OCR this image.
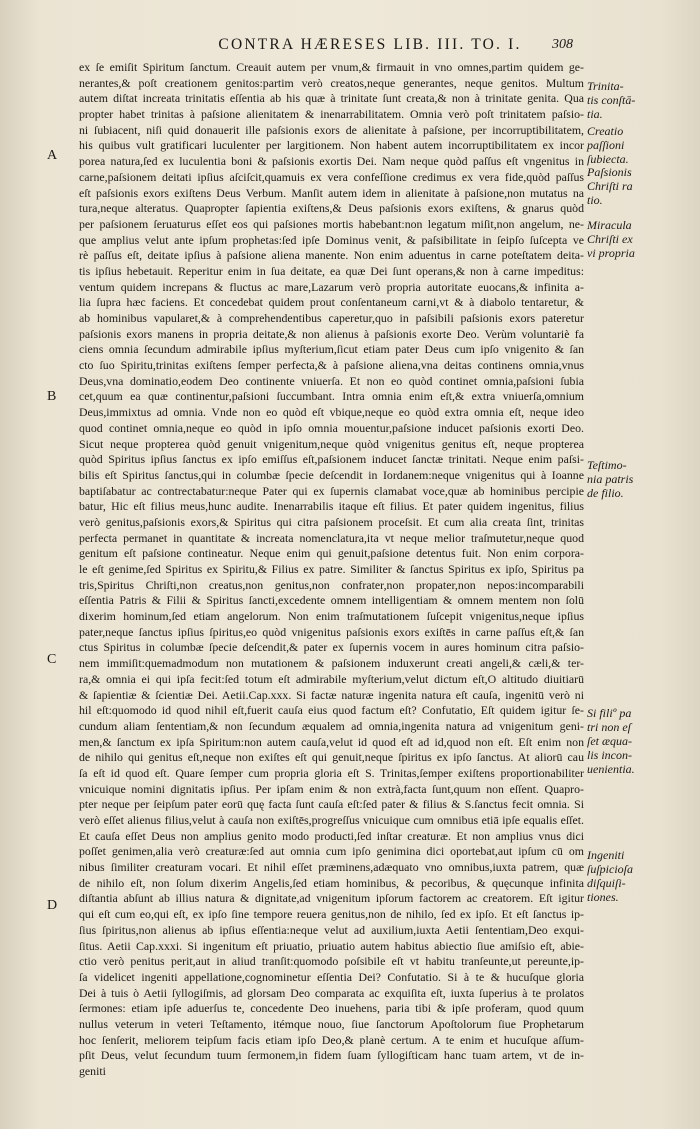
CONTRA HÆRESES LIB. III. TO. I.	308
A
B
C
D
Trinita-
tis conſtā-
tia.
Creatio
paſſioni
ſubiecta.
Paſsionis
Chriſti ra
tio.
Miracula
Chriſti ex
vi propria
Teſtimo-
nia patris
de filio.
Si filiº pa
tri non eſ
ſet æqua-
lis incon-
uenientia.
Ingeniti
ſuſpicioſa
diſquiſi-
tiones.
ex ſe emiſit Spiritum ſanctum. Creauit autem per vnum,& firmauit in vno omnes,partim quidem ge-
nerantes,& poſt creationem genitos:partim verò creatos,neque generantes, neque genitos. Multum
autem diſtat increata trinitatis eſſentia ab his quæ à trinitate ſunt creata,& non à trinitate genita. Qua
propter habet trinitas à paſsione alienitatem & inenarrabilitatem. Omnia verò poſt trinitatem paſsio-
ni ſubiacent, niſi quid donauerit ille paſsionis exors de alienitate à paſsione, per incorruptibilitatem,
his quibus vult gratificari luculenter per largitionem. Non habent autem incorruptibilitatem ex incor
porea natura,ſed ex luculentia boni & paſsionis exortis Dei. Nam neque quòd paſſus eſt vngenitus in
carne,paſsionem deitati ipſius aſciſcit,quamuis ex vera confeſſione credimus ex vera fide,quòd paſſus
eſt paſsionis exors exiſtens Deus Verbum. Manſit autem idem in alienitate à paſsione,non mutatus na
tura,neque alteratus. Quapropter ſapientia exiſtens,& Deus paſsionis exors exiſtens, & gnarus quòd
per paſsionem ſeruaturus eſſet eos qui paſsiones mortis habebant:non legatum miſit,non angelum, ne-
que amplius velut ante ipſum prophetas:ſed ipſe Dominus venit, & paſsibilitate in ſeipſo ſuſcepta ve
rè paſſus eſt, deitate ipſius à paſsione aliena manente. Non enim aduentus in carne poteſtatem deita-
tis ipſius hebetauit. Reperitur enim in ſua deitate, ea quæ Dei ſunt operans,& non à carne impeditus:
ventum quidem increpans & fluctus ac mare,Lazarum verò propria autoritate euocans,& infinita a-
lia ſupra hæc faciens. Et concedebat quidem prout conſentaneum carni,vt & à diabolo tentaretur, &
ab hominibus vapularet,& à comprehendentibus caperetur,quo in paſsibili paſsionis exors pateretur
paſsionis exors manens in propria deitate,& non alienus à paſsionis exorte Deo. Verùm voluntariè fa
ciens omnia ſecundum admirabile ipſius myſterium,ſicut etiam pater Deus cum ipſo vnigenito & ſan
cto ſuo Spiritu,trinitas exiſtens ſemper perfecta,& à paſsione aliena,vna deitas continens omnia,vnus
Deus,vna dominatio,eodem Deo continente vniuerſa. Et non eo quòd continet omnia,paſsioni ſubia
cet,quum ea quæ continentur,paſsioni ſuccumbant. Intra omnia enim eſt,& extra vniuerſa,omnium
Deus,immixtus ad omnia. Vnde non eo quòd eſt vbique,neque eo quòd extra omnia eſt, neque ideo
quod continet omnia,neque eo quòd in ipſo omnia mouentur,paſsione inducet paſsionis exorti Deo.
Sicut neque propterea quòd genuit vnigenitum,neque quòd vnigenitus genitus eſt, neque propterea
quòd Spiritus ipſius ſanctus ex ipſo emiſſus eſt,paſsionem inducet ſanctæ trinitati. Neque enim paſsi-
bilis eſt Spiritus ſanctus,qui in columbæ ſpecie deſcendit in Iordanem:neque vnigenitus qui à Ioanne
baptiſabatur ac contrectabatur:neque Pater qui ex ſupernis clamabat voce,quæ ab hominibus percipie
batur, Hic eſt filius meus,hunc audite. Inenarrabilis itaque eſt filius. Et pater quidem ingenitus, filius
verò genitus,paſsionis exors,& Spiritus qui citra paſsionem proceſsit. Et cum alia creata ſint, trinitas
perfecta permanet in quantitate & increata nomenclatura,ita vt neque melior traſmutetur,neque quod
genitum eſt paſsione contineatur. Neque enim qui genuit,paſsione detentus fuit. Non enim corpora-
le eſt genime,ſed Spiritus ex Spiritu,& Filius ex patre. Similiter & ſanctus Spiritus ex ipſo, Spiritus pa
tris,Spiritus Chriſti,non creatus,non genitus,non confrater,non propater,non nepos:incomparabili
eſſentia Patris & Filii & Spiritus ſancti,excedente omnem intelligentiam & omnem mentem non ſolū
dixerim hominum,ſed etiam angelorum. Non enim traſmutationem ſuſcepit vnigenitus,neque ipſius
pater,neque ſanctus ipſius ſpiritus,eo quòd vnigenitus paſsionis exors exiſtēs in carne paſſus eſt,& ſan
ctus Spiritus in columbæ ſpecie deſcendit,& pater ex ſupernis vocem in aures hominum citra paſsio-
nem immiſit:quemadmodum non mutationem & paſsionem induxerunt creati angeli,& cæli,& ter-
ra,& omnia ei qui ipſa fecit:ſed totum eſt admirabile myſterium,velut dictum eſt,O altitudo diuitiarū
& ſapientiæ & ſcientiæ Dei. Aetii.Cap.xxx. Si factæ naturæ ingenita natura eſt cauſa, ingenitū verò ni
hil eſt:quomodo id quod nihil eſt,fuerit cauſa eius quod factum eſt? Confutatio, Eſt quidem igitur ſe-
cundum aliam ſententiam,& non ſecundum æqualem ad omnia,ingenita natura ad vnigenitum geni-
men,& ſanctum ex ipſa Spiritum:non autem cauſa,velut id quod eſt ad id,quod non eſt. Eſt enim non
de nihilo qui genitus eſt,neque non exiſtes eſt qui genuit,neque ſpiritus ex ipſo ſanctus. At aliorū cau
ſa eſt id quod eſt. Quare ſemper cum propria gloria eſt S. Trinitas,ſemper exiſtens proportionabiliter
vnicuique nomini dignitatis ipſius. Per ipſam enim & non extrà,facta ſunt,quum non eſſent. Quapro-
pter neque per ſeipſum pater eorū quę facta ſunt cauſa eſt:ſed pater & filius & S.ſanctus fecit omnia. Si
verò eſſet alienus filius,velut à cauſa non exiſtēs,progreſſus vnicuique cum omnibus etiā ipſe equalis eſſet.
Et cauſa eſſet Deus non amplius genito modo producti,ſed inſtar creaturæ. Et non amplius vnus dici
poſſet genimen,alia verò creaturæ:ſed aut omnia cum ipſo genimina dici oportebat,aut ipſum cū om
nibus ſimiliter creaturam vocari. Et nihil eſſet præminens,adæquato vno omnibus,iuxta patrem, quæ
de nihilo eſt, non ſolum dixerim Angelis,ſed etiam hominibus, & pecoribus, & quęcunque infinita
diſtantia abſunt ab illius natura & dignitate,ad vnigenitum ipſorum factorem ac creatorem. Eſt igitur
qui eſt cum eo,qui eſt, ex ipſo ſine tempore reuera genitus,non de nihilo, ſed ex ipſo. Et eſt ſanctus ip-
ſius ſpiritus,non alienus ab ipſius eſſentia:neque velut ad auxilium,iuxta Aetii ſententiam,Deo exqui-
ſitus. Aetii Cap.xxxi. Si ingenitum eſt priuatio, priuatio autem habitus abiectio ſiue amiſsio eſt, abie-
ctio verò penitus perit,aut in aliud tranſit:quomodo poſsibile eſt vt habitu tranſeunte,ut pereunte,ip-
ſa videlicet ingeniti appellatione,cognominetur eſſentia Dei? Confutatio. Si à te & hucuſque gloria
Dei à tuis ò Aetii ſyllogiſmis, ad glorsam Deo comparata ac exquiſita eſt, iuxta ſuperius à te prolatos
ſermones: etiam ipſe aduerſus te, concedente Deo inuehens, paria tibi & ipſe proferam, quod quum
nullus veterum in veteri Teſtamento, itémque nouo, ſiue ſanctorum Apoſtolorum ſiue Prophetarum
hoc ſenſerit, meliorem teipſum facis etiam ipſo Deo,& planè certum. A te enim et hucuſque aſſum-
pſit Deus, velut ſecundum tuum ſermonem,in fidem ſuam ſyllogiſticam hanc tuam artem, vt de in-
geniti
